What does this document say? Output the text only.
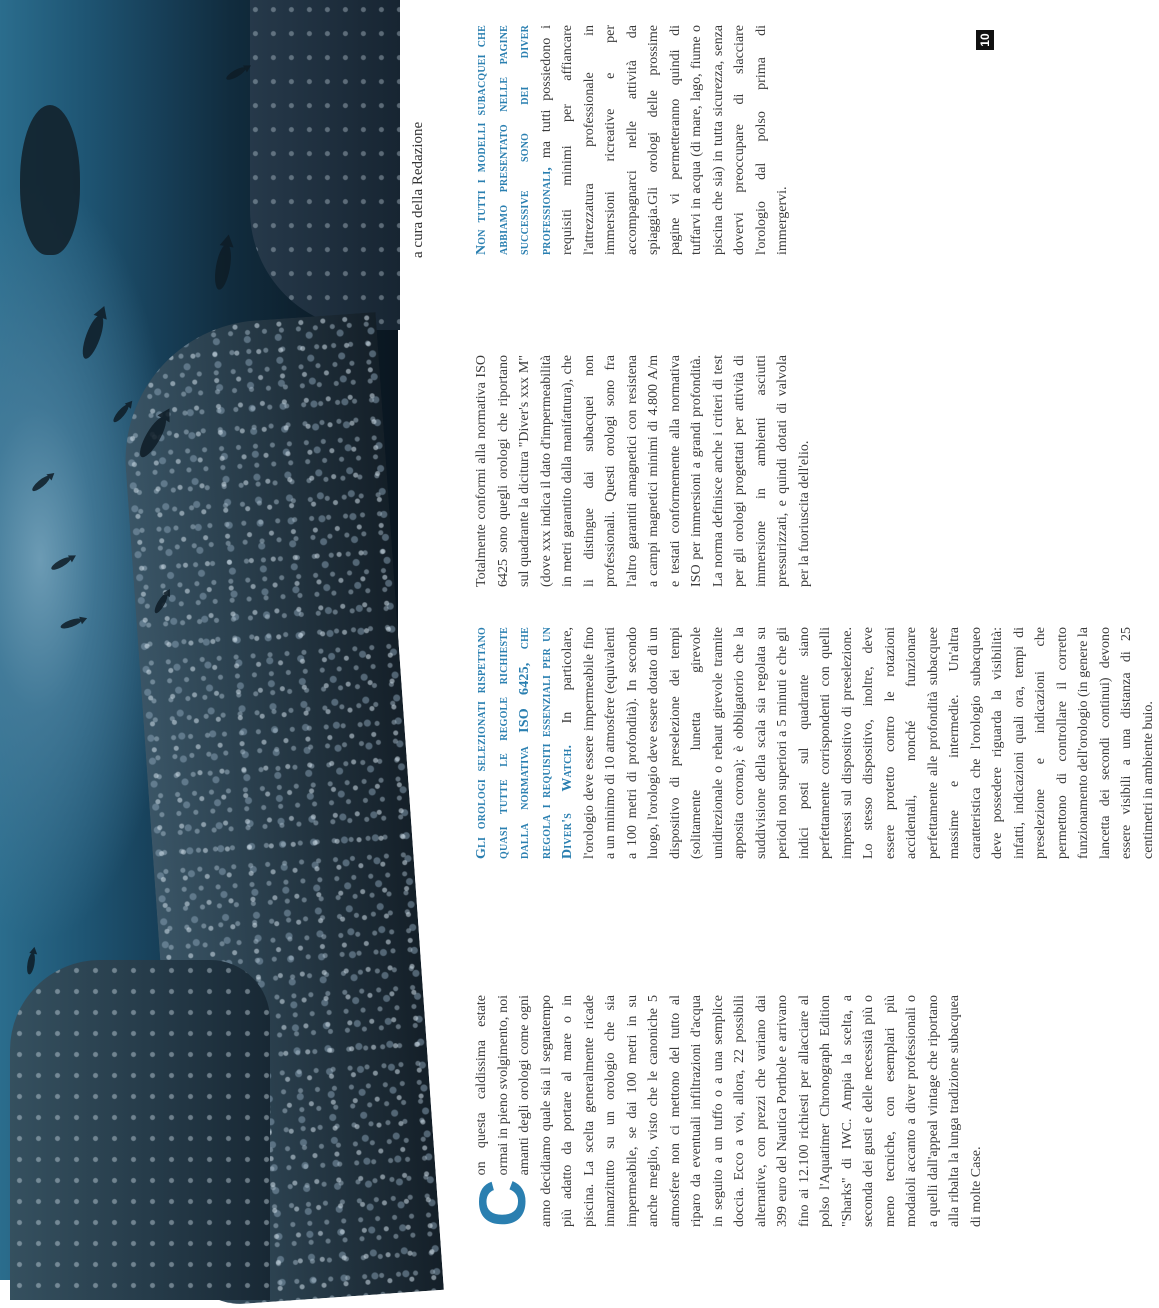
a cura della Redazione

C
on questa caldissima estate ormai in pieno svolgimento, noi amanti degli orologi come ogni anno decidiamo quale sia il segnatempo più adatto da portare al mare o in piscina. La scelta generalmente ricade innanzitutto su un orologio che sia impermeabile, se dai 100 metri in su anche meglio, visto che le canoniche 5 atmosfere non ci mettono del tutto al riparo da eventuali infiltrazioni d'acqua in seguito a un tuffo o a una semplice doccia. Ecco a voi, allora, 22 possibili alternative, con prezzi che variano dai 399 euro del Nautica Porthole e arrivano fino ai 12.100 richiesti per allacciare al polso l'Aquatimer Chronograph Edition "Sharks" di IWC. Ampia la scelta, a seconda dei gusti e delle necessità più o meno tecniche, con esemplari più modaioli accanto a diver professionali o a quelli dall'appeal vintage che riportano alla ribalta la lunga tradizione subacquea di molte Case.

Gli orologi selezionati rispettano quasi tutte le regole richieste dalla normativa ISO 6425, che regola i requisiti essenziali per un Diver's Watch. In particolare, l'orologio deve essere impermeabile fino a un minimo di 10 atmosfere (equivalenti a 100 metri di profondità). In secondo luogo, l'orologio deve essere dotato di un dispositivo di preselezione dei tempi (solitamente lunetta girevole unidirezionale o rehaut girevole tramite apposita corona); è obbligatorio che la suddivisione della scala sia regolata su periodi non superiori a 5 minuti e che gli indici posti sul quadrante siano perfettamente corrispondenti con quelli impressi sul dispositivo di preselezione. Lo stesso dispositivo, inoltre, deve essere protetto contro le rotazioni accidentali, nonché funzionare perfettamente alle profondità subacquee massime e intermedie. Un'altra caratteristica che l'orologio subacqueo deve possedere riguarda la visibilità: infatti, indicazioni quali ora, tempi di preselezione e indicazioni che permettono di controllare il corretto funzionamento dell'orologio (in genere la lancetta dei secondi continui) devono essere visibili a una distanza di 25 centimetri in ambiente buio.

Totalmente conformi alla normativa ISO 6425 sono quegli orologi che riportano sul quadrante la dicitura "Diver's xxx M" (dove xxx indica il dato d'impermeabilità in metri garantito dalla manifattura), che li distingue dai subacquei non professionali. Questi orologi sono fra l'altro garantiti amagnetici con resistena a campi magnetici minimi di 4.800 A/m e testati conformemente alla normativa ISO per immersioni a grandi profondità. La norma definisce anche i criteri di test per gli orologi progettati per attività di immersione in ambienti asciutti pressurizzati, e quindi dotati di valvola per la fuoriuscita dell'elio.

Non tutti i modelli subacquei che abbiamo presentato nelle pagine successive sono dei diver professionali, ma tutti possiedono i requisiti minimi per affiancare l'attrezzatura professionale in immersioni ricreative e per accompagnarci nelle attività da spiaggia.Gli orologi delle prossime pagine vi permetteranno quindi di tuffarvi in acqua (di mare, lago, fiume o piscina che sia) in tutta sicurezza, senza dovervi preoccupare di slacciare l'orologio dal polso prima di immergervi.

10
